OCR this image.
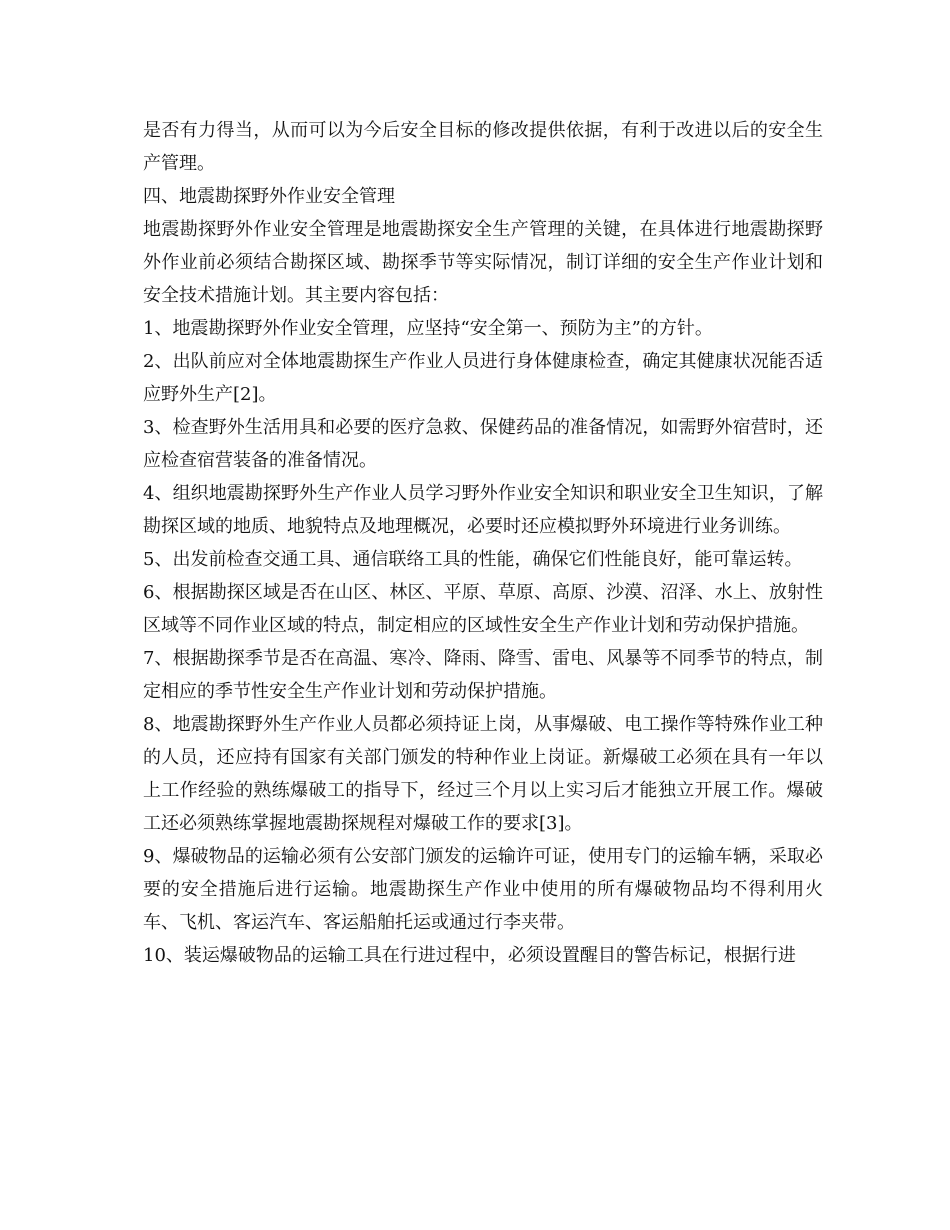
是否有力得当，从而可以为今后安全目标的修改提供依据，有利于改进以后的安全生产管理。

四、地震勘探野外作业安全管理

地震勘探野外作业安全管理是地震勘探安全生产管理的关键，在具体进行地震勘探野外作业前必须结合勘探区域、勘探季节等实际情况，制订详细的安全生产作业计划和安全技术措施计划。其主要内容包括：

1、地震勘探野外作业安全管理，应坚持“安全第一、预防为主”的方针。

2、出队前应对全体地震勘探生产作业人员进行身体健康检查，确定其健康状况能否适应野外生产[2]。

3、检查野外生活用具和必要的医疗急救、保健药品的准备情况，如需野外宿营时，还应检查宿营装备的准备情况。

4、组织地震勘探野外生产作业人员学习野外作业安全知识和职业安全卫生知识，了解勘探区域的地质、地貌特点及地理概况，必要时还应模拟野外环境进行业务训练。

5、出发前检查交通工具、通信联络工具的性能，确保它们性能良好，能可靠运转。

6、根据勘探区域是否在山区、林区、平原、草原、高原、沙漠、沼泽、水上、放射性区域等不同作业区域的特点，制定相应的区域性安全生产作业计划和劳动保护措施。

7、根据勘探季节是否在高温、寒冷、降雨、降雪、雷电、风暴等不同季节的特点，制定相应的季节性安全生产作业计划和劳动保护措施。

8、地震勘探野外生产作业人员都必须持证上岗，从事爆破、电工操作等特殊作业工种的人员，还应持有国家有关部门颁发的特种作业上岗证。新爆破工必须在具有一年以上工作经验的熟练爆破工的指导下，经过三个月以上实习后才能独立开展工作。爆破工还必须熟练掌握地震勘探规程对爆破工作的要求[3]。

9、爆破物品的运输必须有公安部门颁发的运输许可证，使用专门的运输车辆，采取必要的安全措施后进行运输。地震勘探生产作业中使用的所有爆破物品均不得利用火车、飞机、客运汽车、客运船舶托运或通过行李夹带。

10、装运爆破物品的运输工具在行进过程中，必须设置醒目的警告标记，根据行进
